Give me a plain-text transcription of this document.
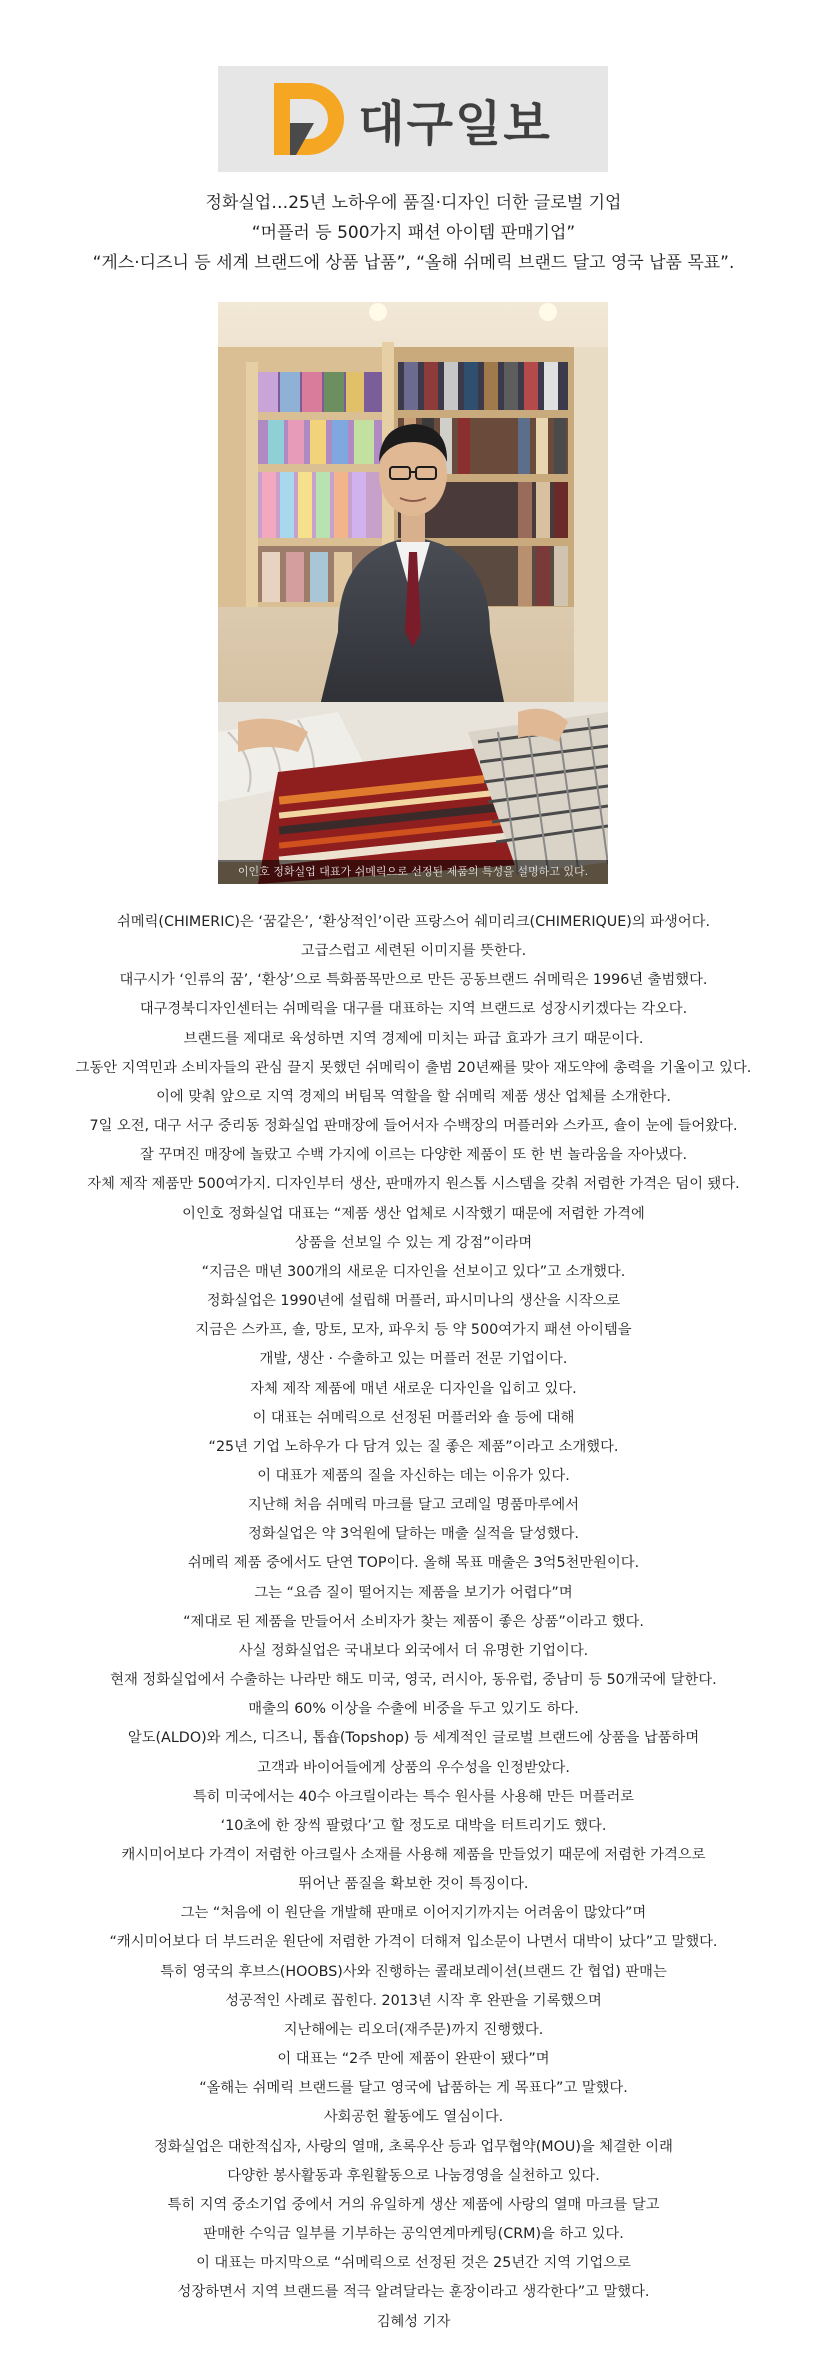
대구일보

정화실업…25년 노하우에 품질·디자인 더한 글로벌 기업

“머플러 등 500가지 패션 아이템 판매기업”

“게스·디즈니 등 세계 브랜드에 상품 납품”, “올해 쉬메릭 브랜드 달고 영국 납품 목표”.

이인호 정화실업 대표가 쉬메릭으로 선정된 제품의 특성을 설명하고 있다.

쉬메릭(CHIMERIC)은 ‘꿈같은’, ‘환상적인’이란 프랑스어 쉐미리크(CHIMERIQUE)의 파생어다.

고급스럽고 세련된 이미지를 뜻한다.

대구시가 ‘인류의 꿈’, ‘환상’으로 특화품목만으로 만든 공동브랜드 쉬메릭은 1996년 출범했다.

대구경북디자인센터는 쉬메릭을 대구를 대표하는 지역 브랜드로 성장시키겠다는 각오다.

브랜드를 제대로 육성하면 지역 경제에 미치는 파급 효과가 크기 때문이다.

그동안 지역민과 소비자들의 관심 끌지 못했던 쉬메릭이 출범 20년째를 맞아 재도약에 총력을 기울이고 있다.

이에 맞춰 앞으로 지역 경제의 버팀목 역할을 할 쉬메릭 제품 생산 업체를 소개한다.

7일 오전, 대구 서구 중리동 정화실업 판매장에 들어서자 수백장의 머플러와 스카프, 숄이 눈에 들어왔다.

잘 꾸며진 매장에 놀랐고 수백 가지에 이르는 다양한 제품이 또 한 번 놀라움을 자아냈다.

자체 제작 제품만 500여가지. 디자인부터 생산, 판매까지 원스톱 시스템을 갖춰 저렴한 가격은 덤이 됐다.

이인호 정화실업 대표는 “제품 생산 업체로 시작했기 때문에 저렴한 가격에

상품을 선보일 수 있는 게 강점”이라며

“지금은 매년 300개의 새로운 디자인을 선보이고 있다”고 소개했다.

정화실업은 1990년에 설립해 머플러, 파시미나의 생산을 시작으로

지금은 스카프, 숄, 망토, 모자, 파우치 등 약 500여가지 패션 아이템을

개발, 생산 · 수출하고 있는 머플러 전문 기업이다.

자체 제작 제품에 매년 새로운 디자인을 입히고 있다.

이 대표는 쉬메릭으로 선정된 머플러와 숄 등에 대해

“25년 기업 노하우가 다 담겨 있는 질 좋은 제품”이라고 소개했다.

이 대표가 제품의 질을 자신하는 데는 이유가 있다.

지난해 처음 쉬메릭 마크를 달고 코레일 명품마루에서

정화실업은 약 3억원에 달하는 매출 실적을 달성했다.

쉬메릭 제품 중에서도 단연 TOP이다. 올해 목표 매출은 3억5천만원이다.

그는 “요즘 질이 떨어지는 제품을 보기가 어렵다”며

“제대로 된 제품을 만들어서 소비자가 찾는 제품이 좋은 상품”이라고 했다.

사실 정화실업은 국내보다 외국에서 더 유명한 기업이다.

현재 정화실업에서 수출하는 나라만 해도 미국, 영국, 러시아, 동유럽, 중남미 등 50개국에 달한다.

매출의 60% 이상을 수출에 비중을 두고 있기도 하다.

알도(ALDO)와 게스, 디즈니, 톱숍(Topshop) 등 세계적인 글로벌 브랜드에 상품을 납품하며

고객과 바이어들에게 상품의 우수성을 인정받았다.

특히 미국에서는 40수 아크릴이라는 특수 원사를 사용해 만든 머플러로

‘10초에 한 장씩 팔렸다’고 할 정도로 대박을 터트리기도 했다.

캐시미어보다 가격이 저렴한 아크릴사 소재를 사용해 제품을 만들었기 때문에 저렴한 가격으로

뛰어난 품질을 확보한 것이 특징이다.

그는 “처음에 이 원단을 개발해 판매로 이어지기까지는 어려움이 많았다”며

“캐시미어보다 더 부드러운 원단에 저렴한 가격이 더해져 입소문이 나면서 대박이 났다”고 말했다.

특히 영국의 후브스(HOOBS)사와 진행하는 콜래보레이션(브랜드 간 협업) 판매는

성공적인 사례로 꼽힌다. 2013년 시작 후 완판을 기록했으며

지난해에는 리오더(재주문)까지 진행했다.

이 대표는 “2주 만에 제품이 완판이 됐다”며

“올해는 쉬메릭 브랜드를 달고 영국에 납품하는 게 목표다”고 말했다.

사회공헌 활동에도 열심이다.

정화실업은 대한적십자, 사랑의 열매, 초록우산 등과 업무협약(MOU)을 체결한 이래

다양한 봉사활동과 후원활동으로 나눔경영을 실천하고 있다.

특히 지역 중소기업 중에서 거의 유일하게 생산 제품에 사랑의 열매 마크를 달고

판매한 수익금 일부를 기부하는 공익연계마케팅(CRM)을 하고 있다.

이 대표는 마지막으로 “쉬메릭으로 선정된 것은 25년간 지역 기업으로

성장하면서 지역 브랜드를 적극 알려달라는 훈장이라고 생각한다”고 말했다.

김혜성 기자
